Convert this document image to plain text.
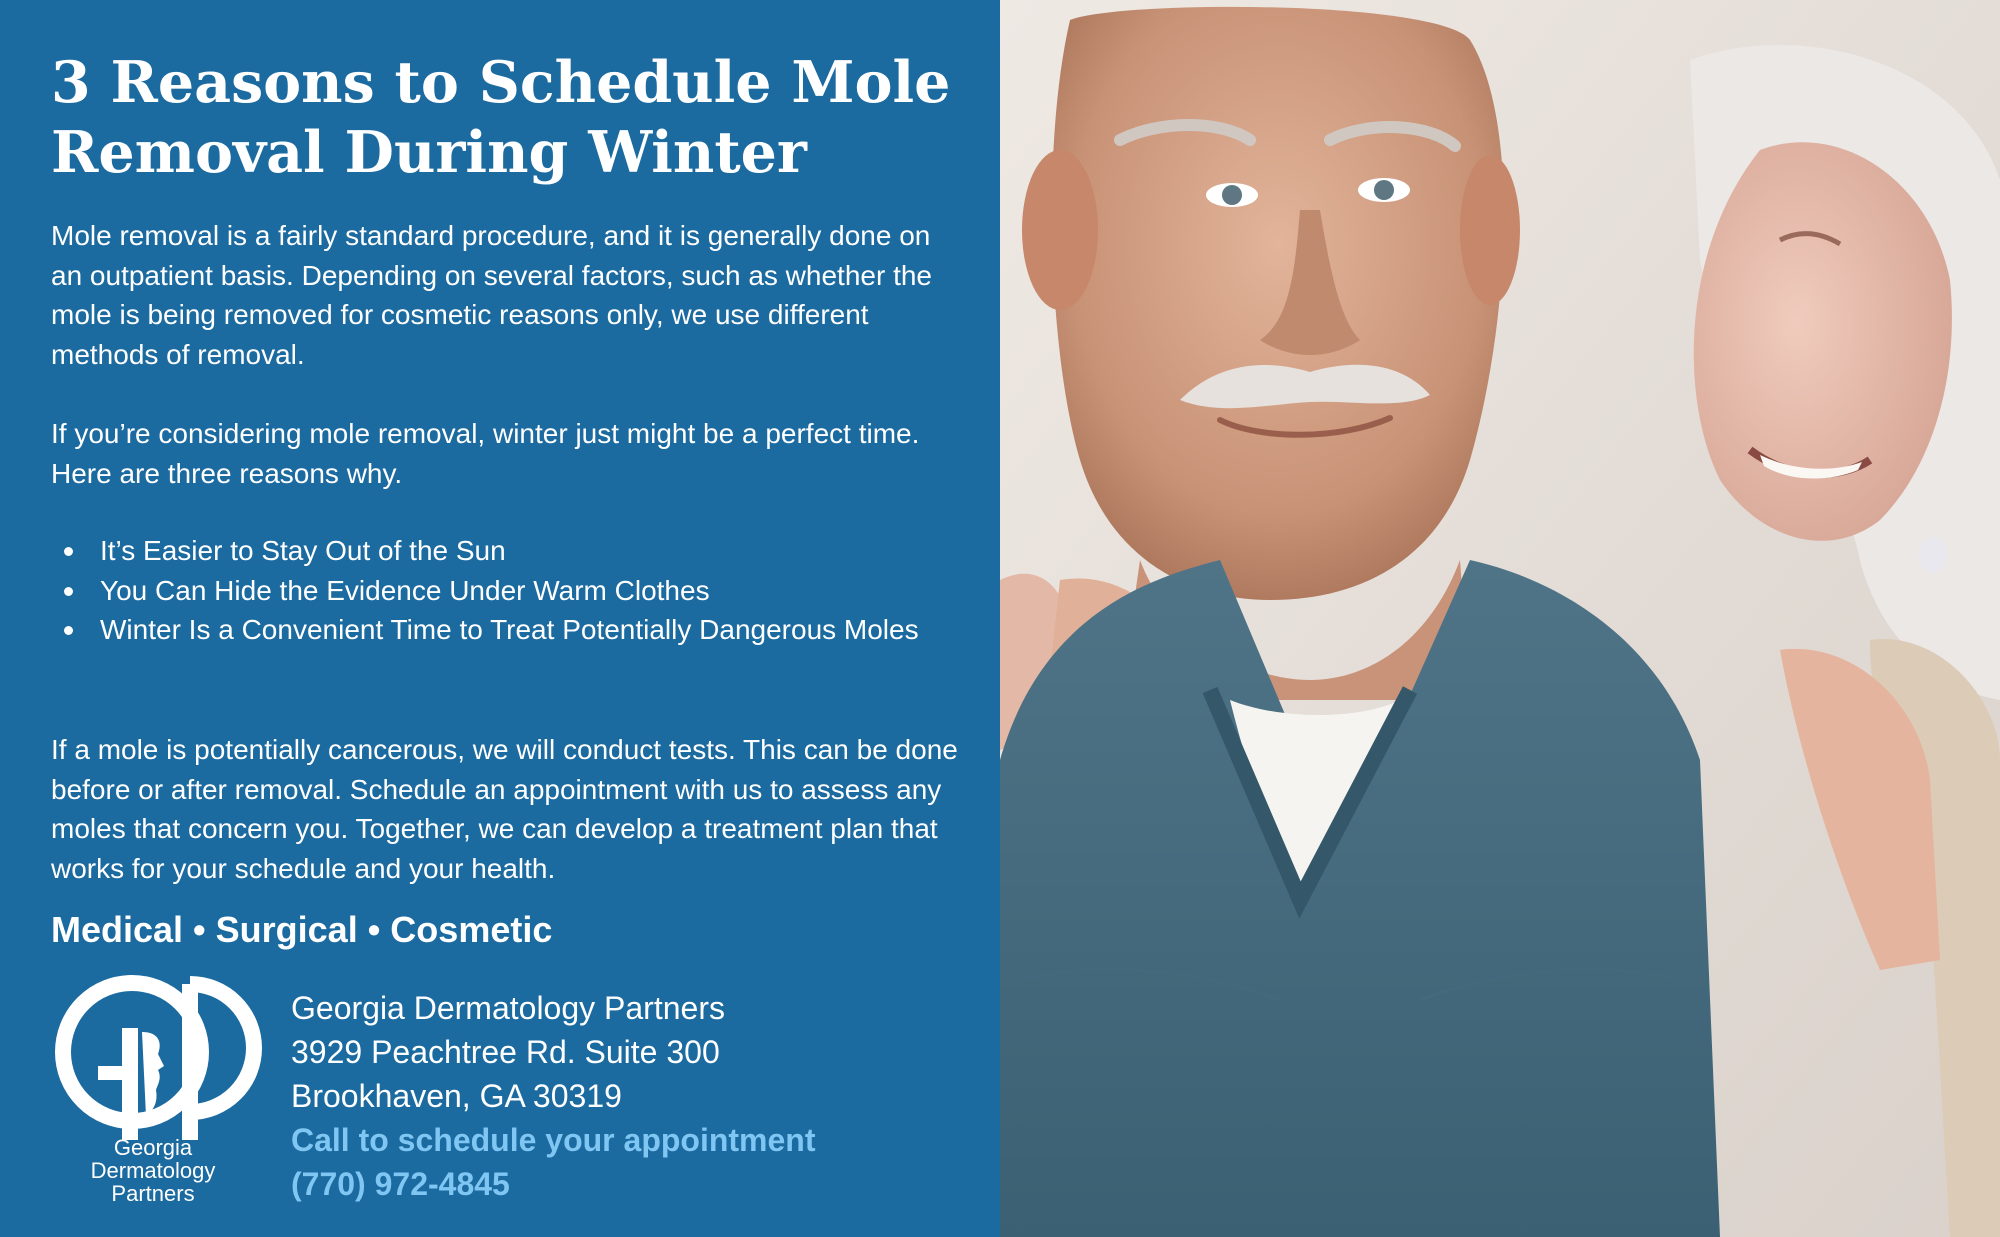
3 Reasons to Schedule Mole Removal During Winter

Mole removal is a fairly standard procedure, and it is generally done on an outpatient basis. Depending on several factors, such as whether the mole is being removed for cosmetic reasons only, we use different methods of removal.

If you’re considering mole removal, winter just might be a perfect time. Here are three reasons why.

It’s Easier to Stay Out of the Sun
You Can Hide the Evidence Under Warm Clothes
Winter Is a Convenient Time to Treat Potentially Dangerous Moles

If a mole is potentially cancerous, we will conduct tests. This can be done before or after removal. Schedule an appointment with us to assess any moles that concern you. Together, we can develop a treatment plan that works for your schedule and your health.

Medical • Surgical • Cosmetic
Georgia
Dermatology
Partners
Georgia Dermatology Partners
3929 Peachtree Rd. Suite 300
Brookhaven, GA 30319
Call to schedule your appointment
(770) 972-4845
